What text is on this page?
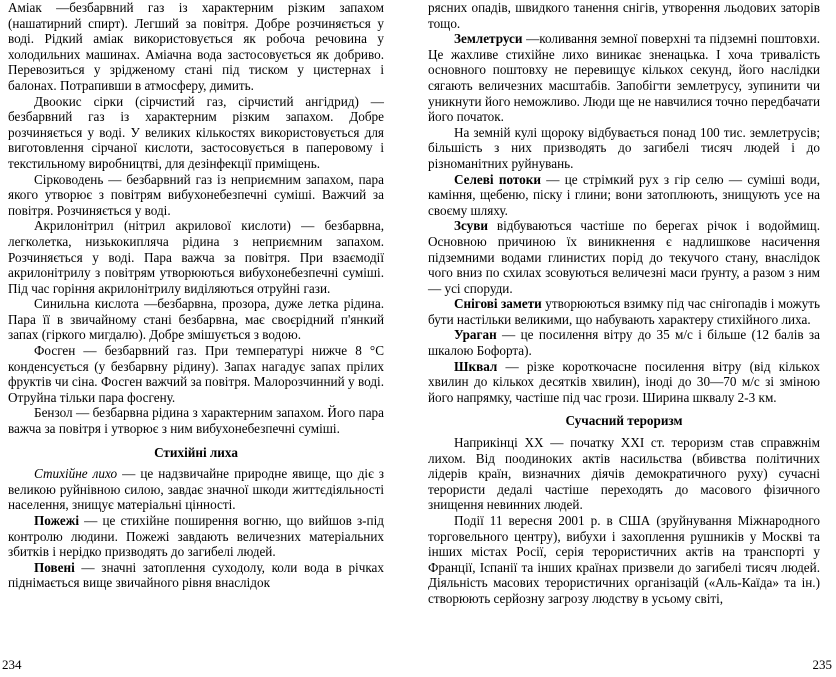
Аміак —безбарвний газ із характерним різким запахом (нашатирний спирт). Легший за повітря. Добре розчиняється у воді. Рідкий аміак використовується як робоча речовина у холодильних машинах. Аміачна вода застосовується як добриво. Перевозиться у зрідженому стані під тиском у цистернах і балонах. Потрапивши в атмосферу, димить.

Двоокис сірки (сірчистий газ, сірчистий ангідрид) — безбарвний газ із характерним різким запахом. Добре розчиняється у воді. У великих кількостях використовується для виготовлення сірчаної кислоти, застосовується в паперовому і текстильному виробництві, для дезінфекції приміщень.

Сірководень — безбарвний газ із неприємним запахом, пара якого утворює з повітрям вибухонебезпечні суміші. Важчий за повітря. Розчиняється у воді.

Акрилонітрил (нітрил акрилової кислоти) — безбарвна, легколетка, низькокипляча рідина з неприємним запахом. Розчиняється у воді. Пара важча за повітря. При взаємодії акрилонітрилу з повітрям утворюються вибухонебезпечні суміші. Під час горіння акрилонітрилу виділяються отруйні гази.

Синильна кислота —безбарвна, прозора, дуже летка рідина. Пара її в звичайному стані безбарвна, має своєрідний п'янкий запах (гіркого мигдалю). Добре змішується з водою.

Фосген — безбарвний газ. При температурі нижче 8 °С конденсується (у безбарвну рідину). Запах нагадує запах прілих фруктів чи сіна. Фосген важчий за повітря. Малорозчинний у воді. Отруйна тільки пара фосгену.

Бензол — безбарвна рідина з характерним запахом. Його пара важча за повітря і утворює з ним вибухонебезпечні суміші.

Стихійні лиха

Стихійне лихо — це надзвичайне природне явище, що діє з великою руйнівною силою, завдає значної шкоди життєдіяльності населення, знищує матеріальні цінності.

Пожежі — це стихійне поширення вогню, що вийшов з-під контролю людини. Пожежі завдають величезних матеріальних збитків і нерідко призводять до загибелі людей.

Повені — значні затоплення суходолу, коли вода в річках піднімається вище звичайного рівня внаслідок

рясних опадів, швидкого танення снігів, утворення льодових заторів тощо.

Землетруси —коливання земної поверхні та підземні поштовхи. Це жахливе стихійне лихо виникає зненацька. І хоча тривалість основного поштовху не перевищує кількох секунд, його наслідки сягають величезних масштабів. Запобігти землетрусу, зупинити чи уникнути його неможливо. Люди ще не навчилися точно передбачати його початок.

На земній кулі щороку відбувається понад 100 тис. землетрусів; більшість з них призводять до загибелі тисяч людей і до різноманітних руйнувань.

Селеві потоки — це стрімкий рух з гір селю — суміші води, каміння, щебеню, піску і глини; вони затоплюють, знищують усе на своєму шляху.

Зсуви відбуваються частіше по берегах річок і водоймищ. Основною причиною їх виникнення є надлишкове насичення підземними водами глинистих порід до текучого стану, внаслідок чого вниз по схилах зсовуються величезні маси ґрунту, а разом з ним — усі споруди.

Снігові замети утворюються взимку під час снігопадів і можуть бути настільки великими, що набувають характеру стихійного лиха.

Ураган — це посилення вітру до 35 м/с і більше (12 балів за шкалою Бофорта).

Шквал — різке короткочасне посилення вітру (від кількох хвилин до кількох десятків хвилин), іноді до 30—70 м/с зі зміною його напрямку, частіше під час грози. Ширина шквалу 2-3 км.

Сучасний тероризм

Наприкінці XX — початку XXI ст. тероризм став справжнім лихом. Від поодиноких актів насильства (вбивства політичних лідерів країн, визначних діячів демократичного руху) сучасні терористи дедалі частіше переходять до масового фізичного знищення невинних людей.

Події 11 вересня 2001 р. в США (зруйнування Міжнародного торговельного центру), вибухи і захоплення рушників у Москві та інших містах Росії, серія терористичних актів на транспорті у Франції, Іспанії та інших країнах призвели до загибелі тисяч людей. Діяльність масових терористичних організацій («Аль-Каїда» та ін.) створюють серйозну загрозу людству в усьому світі,

234	235
